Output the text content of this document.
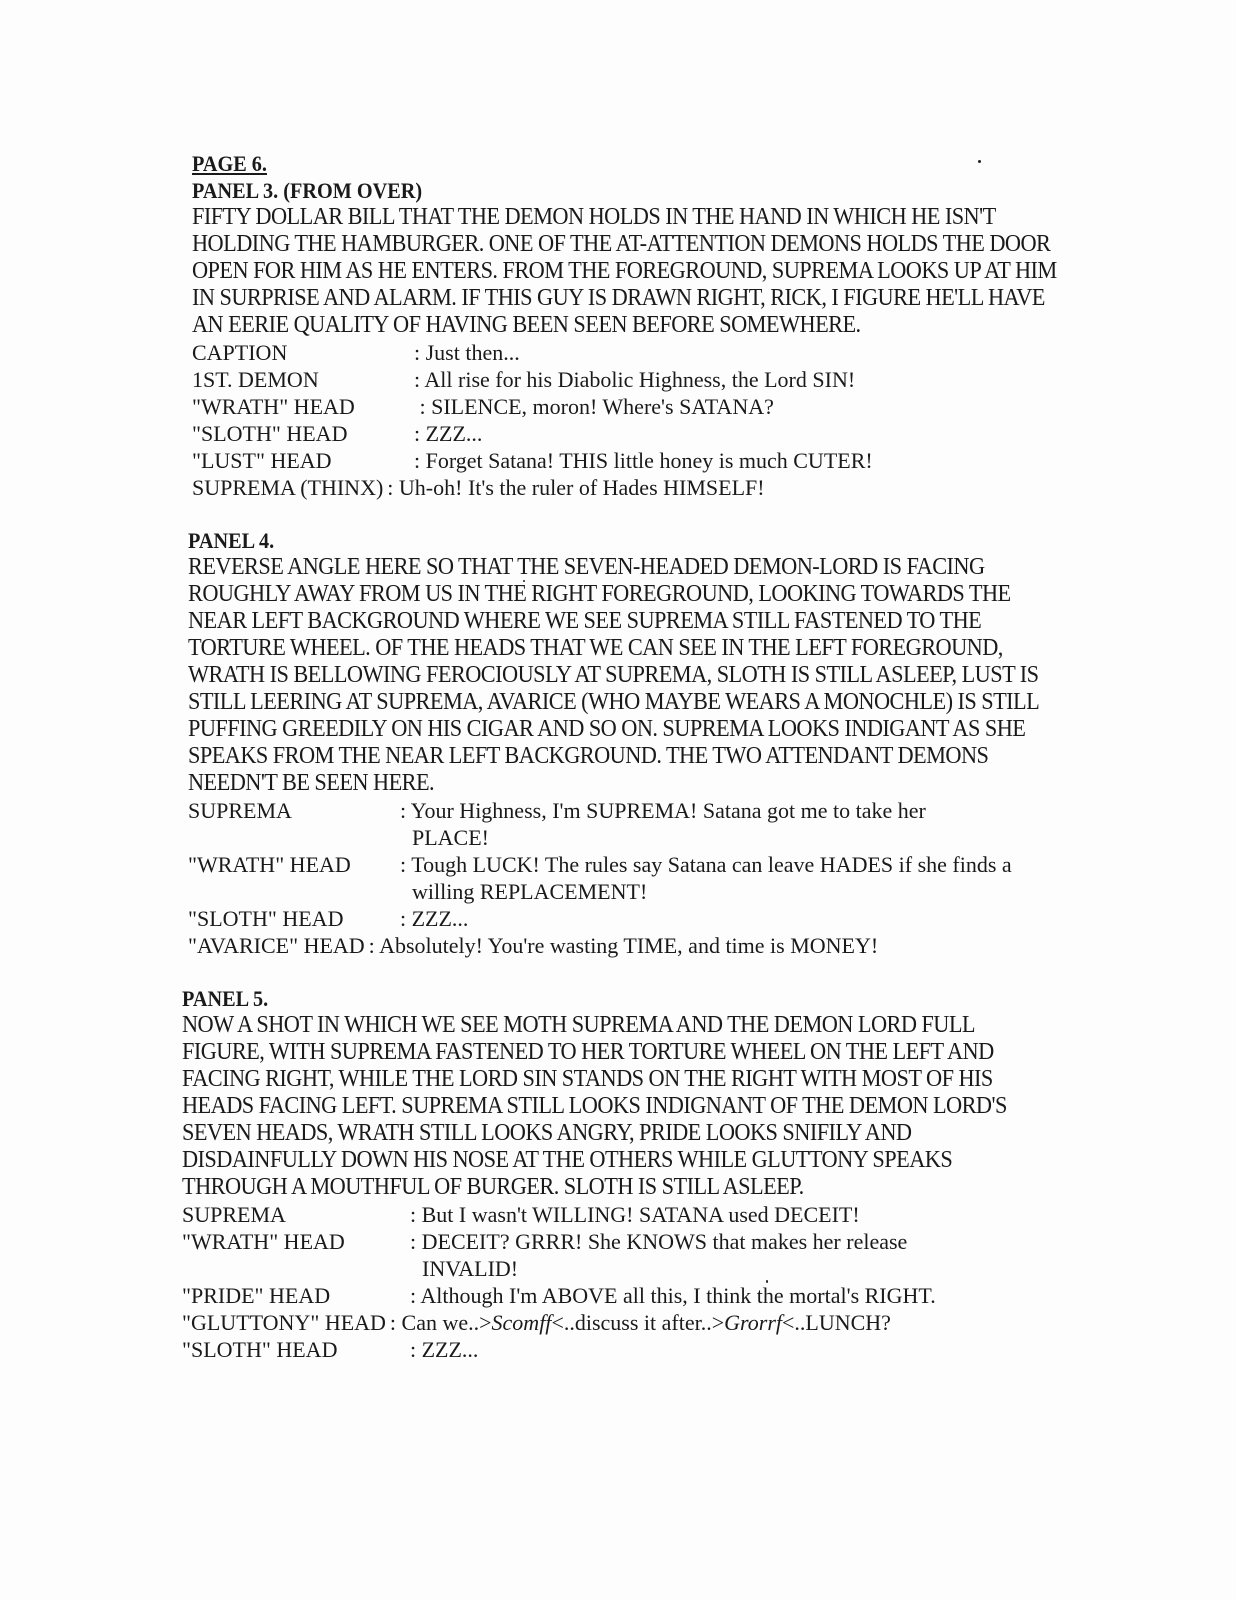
PAGE 6.
PANEL 3. (FROM OVER)

FIFTY DOLLAR BILL THAT THE DEMON HOLDS IN THE HAND IN WHICH HE ISN'T HOLDING THE HAMBURGER. ONE OF THE AT-ATTENTION DEMONS HOLDS THE DOOR OPEN FOR HIM AS HE ENTERS. FROM THE FOREGROUND, SUPREMA LOOKS UP AT HIM IN SURPRISE AND ALARM. IF THIS GUY IS DRAWN RIGHT, RICK, I FIGURE HE'LL HAVE AN EERIE QUALITY OF HAVING BEEN SEEN BEFORE SOMEWHERE.

CAPTION	: Just then...
1ST. DEMON	: All rise for his Diabolic Highness, the Lord SIN!
"WRATH" HEAD	: SILENCE, moron! Where's SATANA?
"SLOTH" HEAD	: ZZZ...
"LUST" HEAD	: Forget Satana! THIS little honey is much CUTER!
SUPREMA (THINX) : Uh-oh! It's the ruler of Hades HIMSELF!
PANEL 4.

REVERSE ANGLE HERE SO THAT THE SEVEN-HEADED DEMON-LORD IS FACING ROUGHLY AWAY FROM US IN THE RIGHT FOREGROUND, LOOKING TOWARDS THE NEAR LEFT BACKGROUND WHERE WE SEE SUPREMA STILL FASTENED TO THE TORTURE WHEEL. OF THE HEADS THAT WE CAN SEE IN THE LEFT FOREGROUND, WRATH IS BELLOWING FEROCIOUSLY AT SUPREMA, SLOTH IS STILL ASLEEP, LUST IS STILL LEERING AT SUPREMA, AVARICE (WHO MAYBE WEARS A MONOCHLE) IS STILL PUFFING GREEDILY ON HIS CIGAR AND SO ON. SUPREMA LOOKS INDIGANT AS SHE SPEAKS FROM THE NEAR LEFT BACKGROUND. THE TWO ATTENDANT DEMONS NEEDN'T BE SEEN HERE.

SUPREMA	: Your Highness, I'm SUPREMA! Satana got me to take her PLACE!
"WRATH" HEAD	: Tough LUCK! The rules say Satana can leave HADES if she finds a willing REPLACEMENT!
"SLOTH" HEAD	: ZZZ...
"AVARICE" HEAD : Absolutely! You're wasting TIME, and time is MONEY!
PANEL 5.

NOW A SHOT IN WHICH WE SEE MOTH SUPREMA AND THE DEMON LORD FULL FIGURE, WITH SUPREMA FASTENED TO HER TORTURE WHEEL ON THE LEFT AND FACING RIGHT, WHILE THE LORD SIN STANDS ON THE RIGHT WITH MOST OF HIS HEADS FACING LEFT. SUPREMA STILL LOOKS INDIGNANT OF THE DEMON LORD'S SEVEN HEADS, WRATH STILL LOOKS ANGRY, PRIDE LOOKS SNIFILY AND DISDAINFULLY DOWN HIS NOSE AT THE OTHERS WHILE GLUTTONY SPEAKS THROUGH A MOUTHFUL OF BURGER. SLOTH IS STILL ASLEEP.

SUPREMA	: But I wasn't WILLING! SATANA used DECEIT!
"WRATH" HEAD	: DECEIT? GRRR! She KNOWS that makes her release INVALID!
"PRIDE" HEAD	: Although I'm ABOVE all this, I think the mortal's RIGHT.
"GLUTTONY" HEAD : Can we..>Scomff<..discuss it after..>Grorrf<..LUNCH?
"SLOTH" HEAD	: ZZZ...
